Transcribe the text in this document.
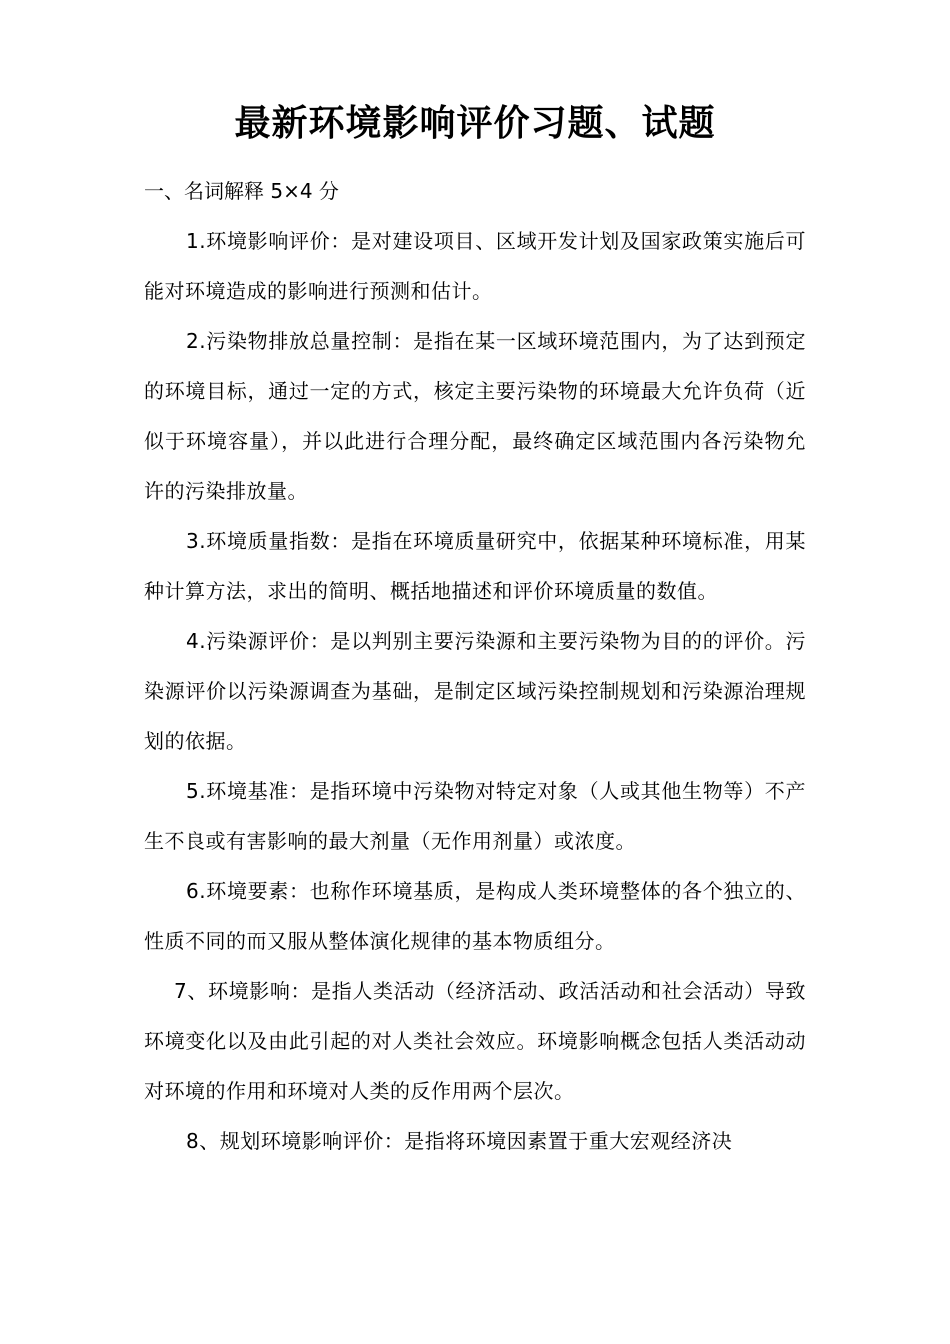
最新环境影响评价习题、试题

一、名词解释 5×4 分

1.环境影响评价：是对建设项目、区域开发计划及国家政策实施后可能对环境造成的影响进行预测和估计。

2.污染物排放总量控制：是指在某一区域环境范围内，为了达到预定的环境目标，通过一定的方式，核定主要污染物的环境最大允许负荷（近似于环境容量），并以此进行合理分配，最终确定区域范围内各污染物允许的污染排放量。

3.环境质量指数：是指在环境质量研究中，依据某种环境标准，用某种计算方法，求出的简明、概括地描述和评价环境质量的数值。

4.污染源评价：是以判别主要污染源和主要污染物为目的的评价。污染源评价以污染源调查为基础，是制定区域污染控制规划和污染源治理规划的依据。

5.环境基准：是指环境中污染物对特定对象（人或其他生物等）不产生不良或有害影响的最大剂量（无作用剂量）或浓度。

6.环境要素：也称作环境基质，是构成人类环境整体的各个独立的、性质不同的而又服从整体演化规律的基本物质组分。

7、环境影响：是指人类活动（经济活动、政活活动和社会活动）导致环境变化以及由此引起的对人类社会效应。环境影响概念包括人类活动动对环境的作用和环境对人类的反作用两个层次。

8、规划环境影响评价：是指将环境因素置于重大宏观经济决
